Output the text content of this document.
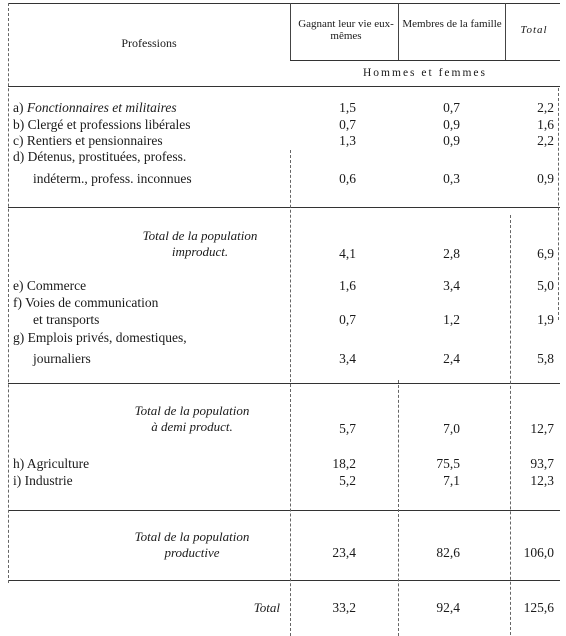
Professions
Gagnant leur vie eux-mêmes
Membres de la famille	Total
Hommes et femmes
a) Fonctionnaires et militaires	1,5	0,7	2,2
b) Clergé et professions libérales	0,7	0,9	1,6
c) Rentiers et pensionnaires	1,3	0,9	2,2
d) Détenus, prostituées, profess.
indéterm., profess. inconnues	0,6	0,3	0,9
Total de la population
improduct.	4,1	2,8	6,9
e) Commerce	1,6	3,4	5,0
f) Voies de communication
et transports	0,7	1,2	1,9
g) Emplois privés, domestiques,
journaliers	3,4	2,4	5,8
Total de la population
à demi product.	5,7	7,0	12,7
h) Agriculture	18,2	75,5	93,7
i) Industrie	5,2	7,1	12,3
Total de la population
productive	23,4	82,6	106,0
Total	33,2	92,4	125,6
